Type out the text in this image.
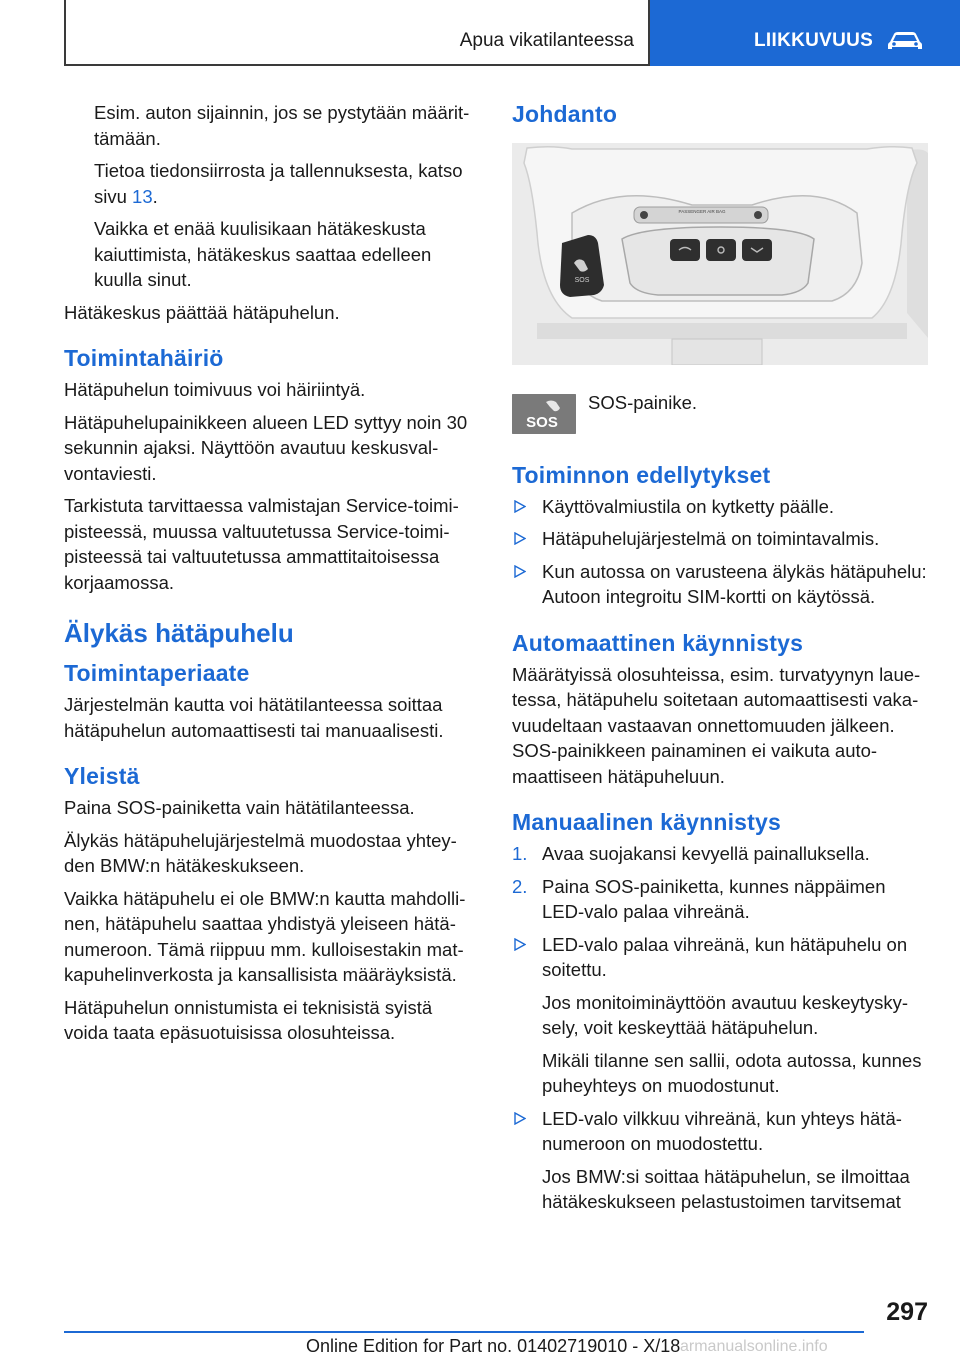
Apua vikatilanteessa	LIIKKUVUUS

Esim. auton sijainnin, jos se pystytään määrittämään.

Tietoa tiedonsiirrosta ja tallennuksesta, katso sivu 13.

Vaikka et enää kuulisikaan hätäkeskusta kaiuttimista, hätäkeskus saattaa edelleen kuulla sinut.

Hätäkeskus päättää hätäpuhelun.

Toimintahäiriö

Hätäpuhelun toimivuus voi häiriintyä.

Hätäpuhelupainikkeen alueen LED syttyy noin 30 sekunnin ajaksi. Näyttöön avautuu keskusvalvontaviesti.

Tarkistuta tarvittaessa valmistajan Service-toimipisteessä, muussa valtuutetussa Service-toimipisteessä tai valtuutetussa ammattitaitoisessa korjaamossa.

Älykäs hätäpuhelu
Toimintaperiaate

Järjestelmän kautta voi hätätilanteessa soittaa hätäpuhelun automaattisesti tai manuaalisesti.

Yleistä

Paina SOS-painiketta vain hätätilanteessa.

Älykäs hätäpuhelujärjestelmä muodostaa yhteyden BMW:n hätäkeskukseen.

Vaikka hätäpuhelu ei ole BMW:n kautta mahdollinen, hätäpuhelu saattaa yhdistyä yleiseen hätänumeroon. Tämä riippuu mm. kulloisestakin matkapuhelinverkosta ja kansallisista määräyksistä.

Hätäpuhelun onnistumista ei teknisistä syistä voida taata epäsuotuisissa olosuhteissa.

Johdanto
PASSENGER AIR BAG
SOS
SOS
SOS-painike.
Toiminnon edellytykset
Käyttövalmiustila on kytketty päälle.
Hätäpuhelujärjestelmä on toimintavalmis.
Kun autossa on varusteena älykäs hätäpuhelu: Autoon integroitu SIM-kortti on käytössä.
Automaattinen käynnistys

Määrätyissä olosuhteissa, esim. turvatyynyn lauetessa, hätäpuhelu soitetaan automaattisesti vakavuudeltaan vastaavan onnettomuuden jälkeen. SOS-painikkeen painaminen ei vaikuta automaattiseen hätäpuheluun.

Manuaalinen käynnistys
1. Avaa suojakansi kevyellä painalluksella.
2. Paina SOS-painiketta, kunnes näppäimen LED-valo palaa vihreänä.
LED-valo palaa vihreänä, kun hätäpuhelu on soitettu.

Jos monitoiminäyttöön avautuu keskeytyskysely, voit keskeyttää hätäpuhelun.

Mikäli tilanne sen sallii, odota autossa, kunnes puheyhteys on muodostunut.

LED-valo vilkkuu vihreänä, kun yhteys hätänumeroon on muodostettu.

Jos BMW:si soittaa hätäpuhelun, se ilmoittaa hätäkeskukseen pelastustoimen tarvitsemat

297
Online Edition for Part no. 01402719010 - X/18 armanualsonline.info
